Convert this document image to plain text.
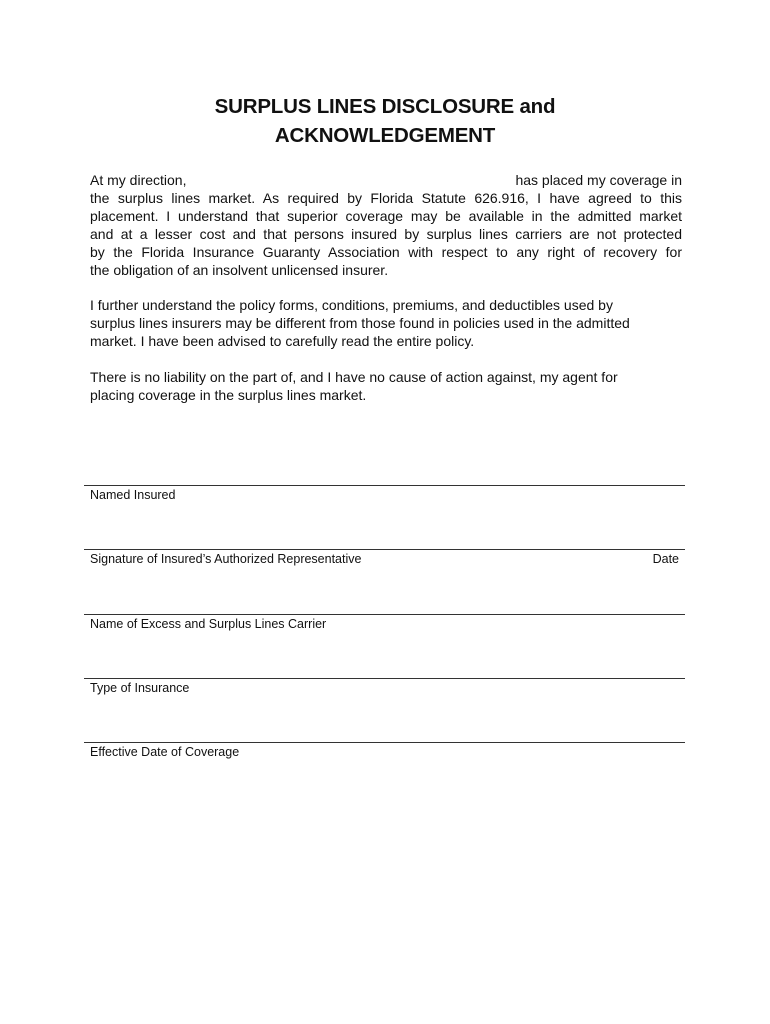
SURPLUS LINES DISCLOSURE and
ACKNOWLEDGEMENT
At my direction,	has placed my coverage in
the surplus lines market. As required by Florida Statute 626.916, I have agreed to this
placement. I understand that superior coverage may be available in the admitted market
and at a lesser cost and that persons insured by surplus lines carriers are not protected
by the Florida Insurance Guaranty Association with respect to any right of recovery for
the obligation of an insolvent unlicensed insurer.
I further understand the policy forms, conditions, premiums, and deductibles used by
surplus lines insurers may be different from those found in policies used in the admitted
market. I have been advised to carefully read the entire policy.
There is no liability on the part of, and I have no cause of action against, my agent for
placing coverage in the surplus lines market.
Named Insured
Signature of Insured’s Authorized Representative	Date
Name of Excess and Surplus Lines Carrier
Type of Insurance
Effective Date of Coverage
